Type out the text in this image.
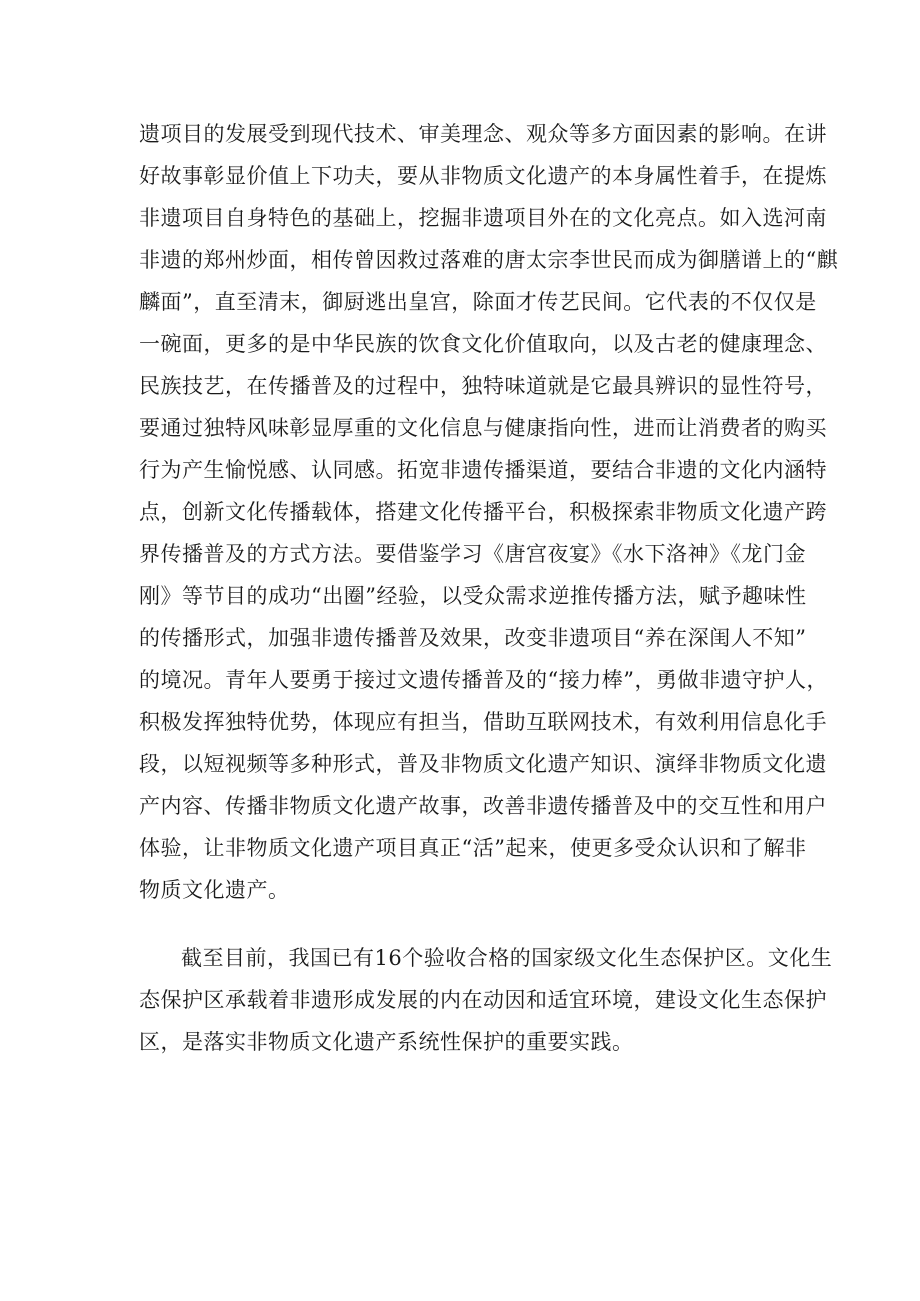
遗项目的发展受到现代技术、审美理念、观众等多方面因素的影响。在讲
好故事彰显价值上下功夫，要从非物质文化遗产的本身属性着手，在提炼
非遗项目自身特色的基础上，挖掘非遗项目外在的文化亮点。如入选河南
非遗的郑州炒面，相传曾因救过落难的唐太宗李世民而成为御膳谱上的“麒
麟面”，直至清末，御厨逃出皇宫，除面才传艺民间。它代表的不仅仅是
一碗面，更多的是中华民族的饮食文化价值取向，以及古老的健康理念、
民族技艺，在传播普及的过程中，独特味道就是它最具辨识的显性符号，
要通过独特风味彰显厚重的文化信息与健康指向性，进而让消费者的购买
行为产生愉悦感、认同感。拓宽非遗传播渠道，要结合非遗的文化内涵特
点，创新文化传播载体，搭建文化传播平台，积极探索非物质文化遗产跨
界传播普及的方式方法。要借鉴学习《唐宫夜宴》《水下洛神》《龙门金
刚》等节目的成功“出圈”经验，以受众需求逆推传播方法，赋予趣味性
的传播形式，加强非遗传播普及效果，改变非遗项目“养在深闺人不知”
的境况。青年人要勇于接过文遗传播普及的“接力棒”，勇做非遗守护人，
积极发挥独特优势，体现应有担当，借助互联网技术，有效利用信息化手
段，以短视频等多种形式，普及非物质文化遗产知识、演绎非物质文化遗
产内容、传播非物质文化遗产故事，改善非遗传播普及中的交互性和用户
体验，让非物质文化遗产项目真正“活”起来，使更多受众认识和了解非
物质文化遗产。
截至目前，我国已有16个验收合格的国家级文化生态保护区。文化生
态保护区承载着非遗形成发展的内在动因和适宜环境，建设文化生态保护
区，是落实非物质文化遗产系统性保护的重要实践。
